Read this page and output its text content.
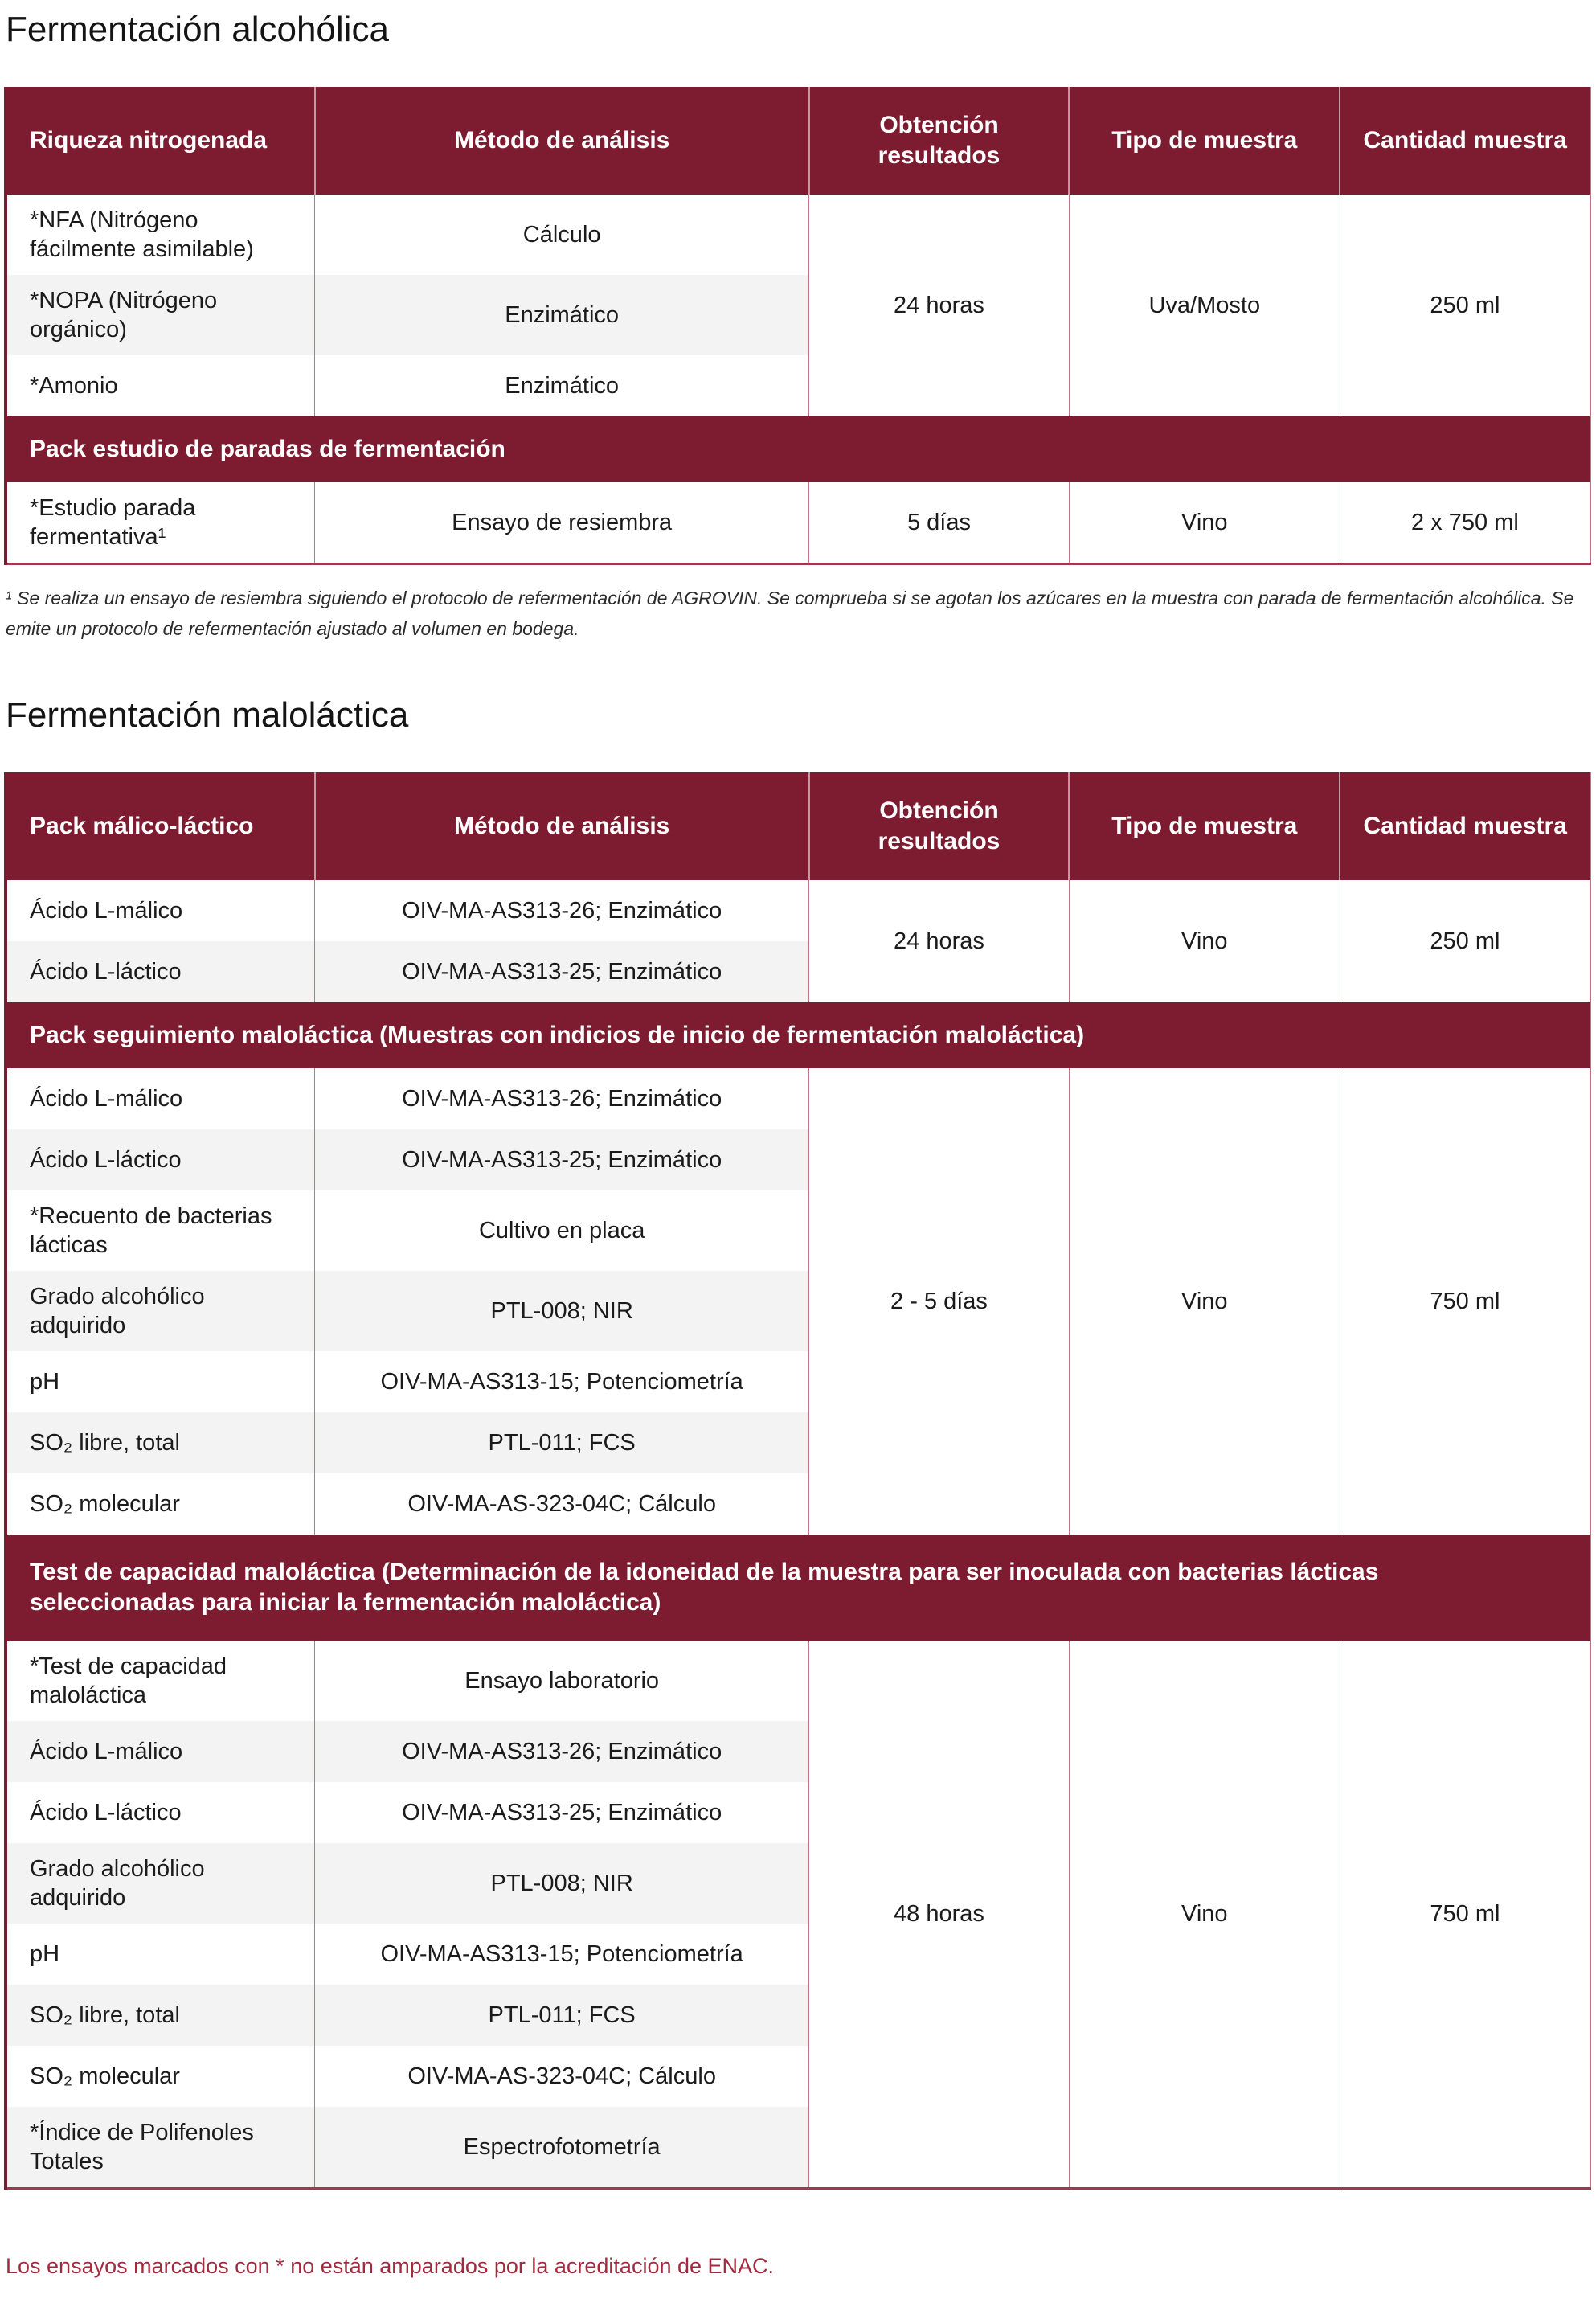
Fermentación alcohólica
Riqueza nitrogenada	Método de análisis	Obtención resultados	Tipo de muestra	Cantidad muestra
*NFA (Nitrógeno fácilmente asimilable)	Cálculo	24 horas	Uva/Mosto	250 ml
*NOPA (Nitrógeno orgánico)	Enzimático			
*Amonio	Enzimático			
Pack estudio de paradas de fermentación				
*Estudio parada fermentativa¹	Ensayo de resiembra	5 días	Vino	2 x 750 ml

¹ Se realiza un ensayo de resiembra siguiendo el protocolo de refermentación de AGROVIN. Se comprueba si se agotan los azúcares en la muestra con parada de fermentación alcohólica. Se emite un protocolo de refermentación ajustado al volumen en bodega.

Fermentación maloláctica
Pack málico-láctico	Método de análisis	Obtención resultados	Tipo de muestra	Cantidad muestra
Ácido L-málico	OIV-MA-AS313-26; Enzimático	24 horas	Vino	250 ml
Ácido L-láctico	OIV-MA-AS313-25; Enzimático			
Pack seguimiento maloláctica (Muestras con indicios de inicio de fermentación maloláctica)				
Ácido L-málico	OIV-MA-AS313-26; Enzimático	2 - 5 días	Vino	750 ml
Ácido L-láctico	OIV-MA-AS313-25; Enzimático			
*Recuento de bacterias lácticas	Cultivo en placa			
Grado alcohólico adquirido	PTL-008; NIR			
pH	OIV-MA-AS313-15; Potenciometría			
SO₂ libre, total	PTL-011; FCS			
SO₂ molecular	OIV-MA-AS-323-04C; Cálculo			
Test de capacidad maloláctica (Determinación de la idoneidad de la muestra para ser inoculada con bacterias lácticas seleccionadas para iniciar la fermentación maloláctica)				
*Test de capacidad maloláctica	Ensayo laboratorio	48 horas	Vino	750 ml
Ácido L-málico	OIV-MA-AS313-26; Enzimático			
Ácido L-láctico	OIV-MA-AS313-25; Enzimático			
Grado alcohólico adquirido	PTL-008; NIR			
pH	OIV-MA-AS313-15; Potenciometría			
SO₂ libre, total	PTL-011; FCS			
SO₂ molecular	OIV-MA-AS-323-04C; Cálculo			
*Índice de Polifenoles Totales	Espectrofotometría			

Los ensayos marcados con * no están amparados por la acreditación de ENAC.
